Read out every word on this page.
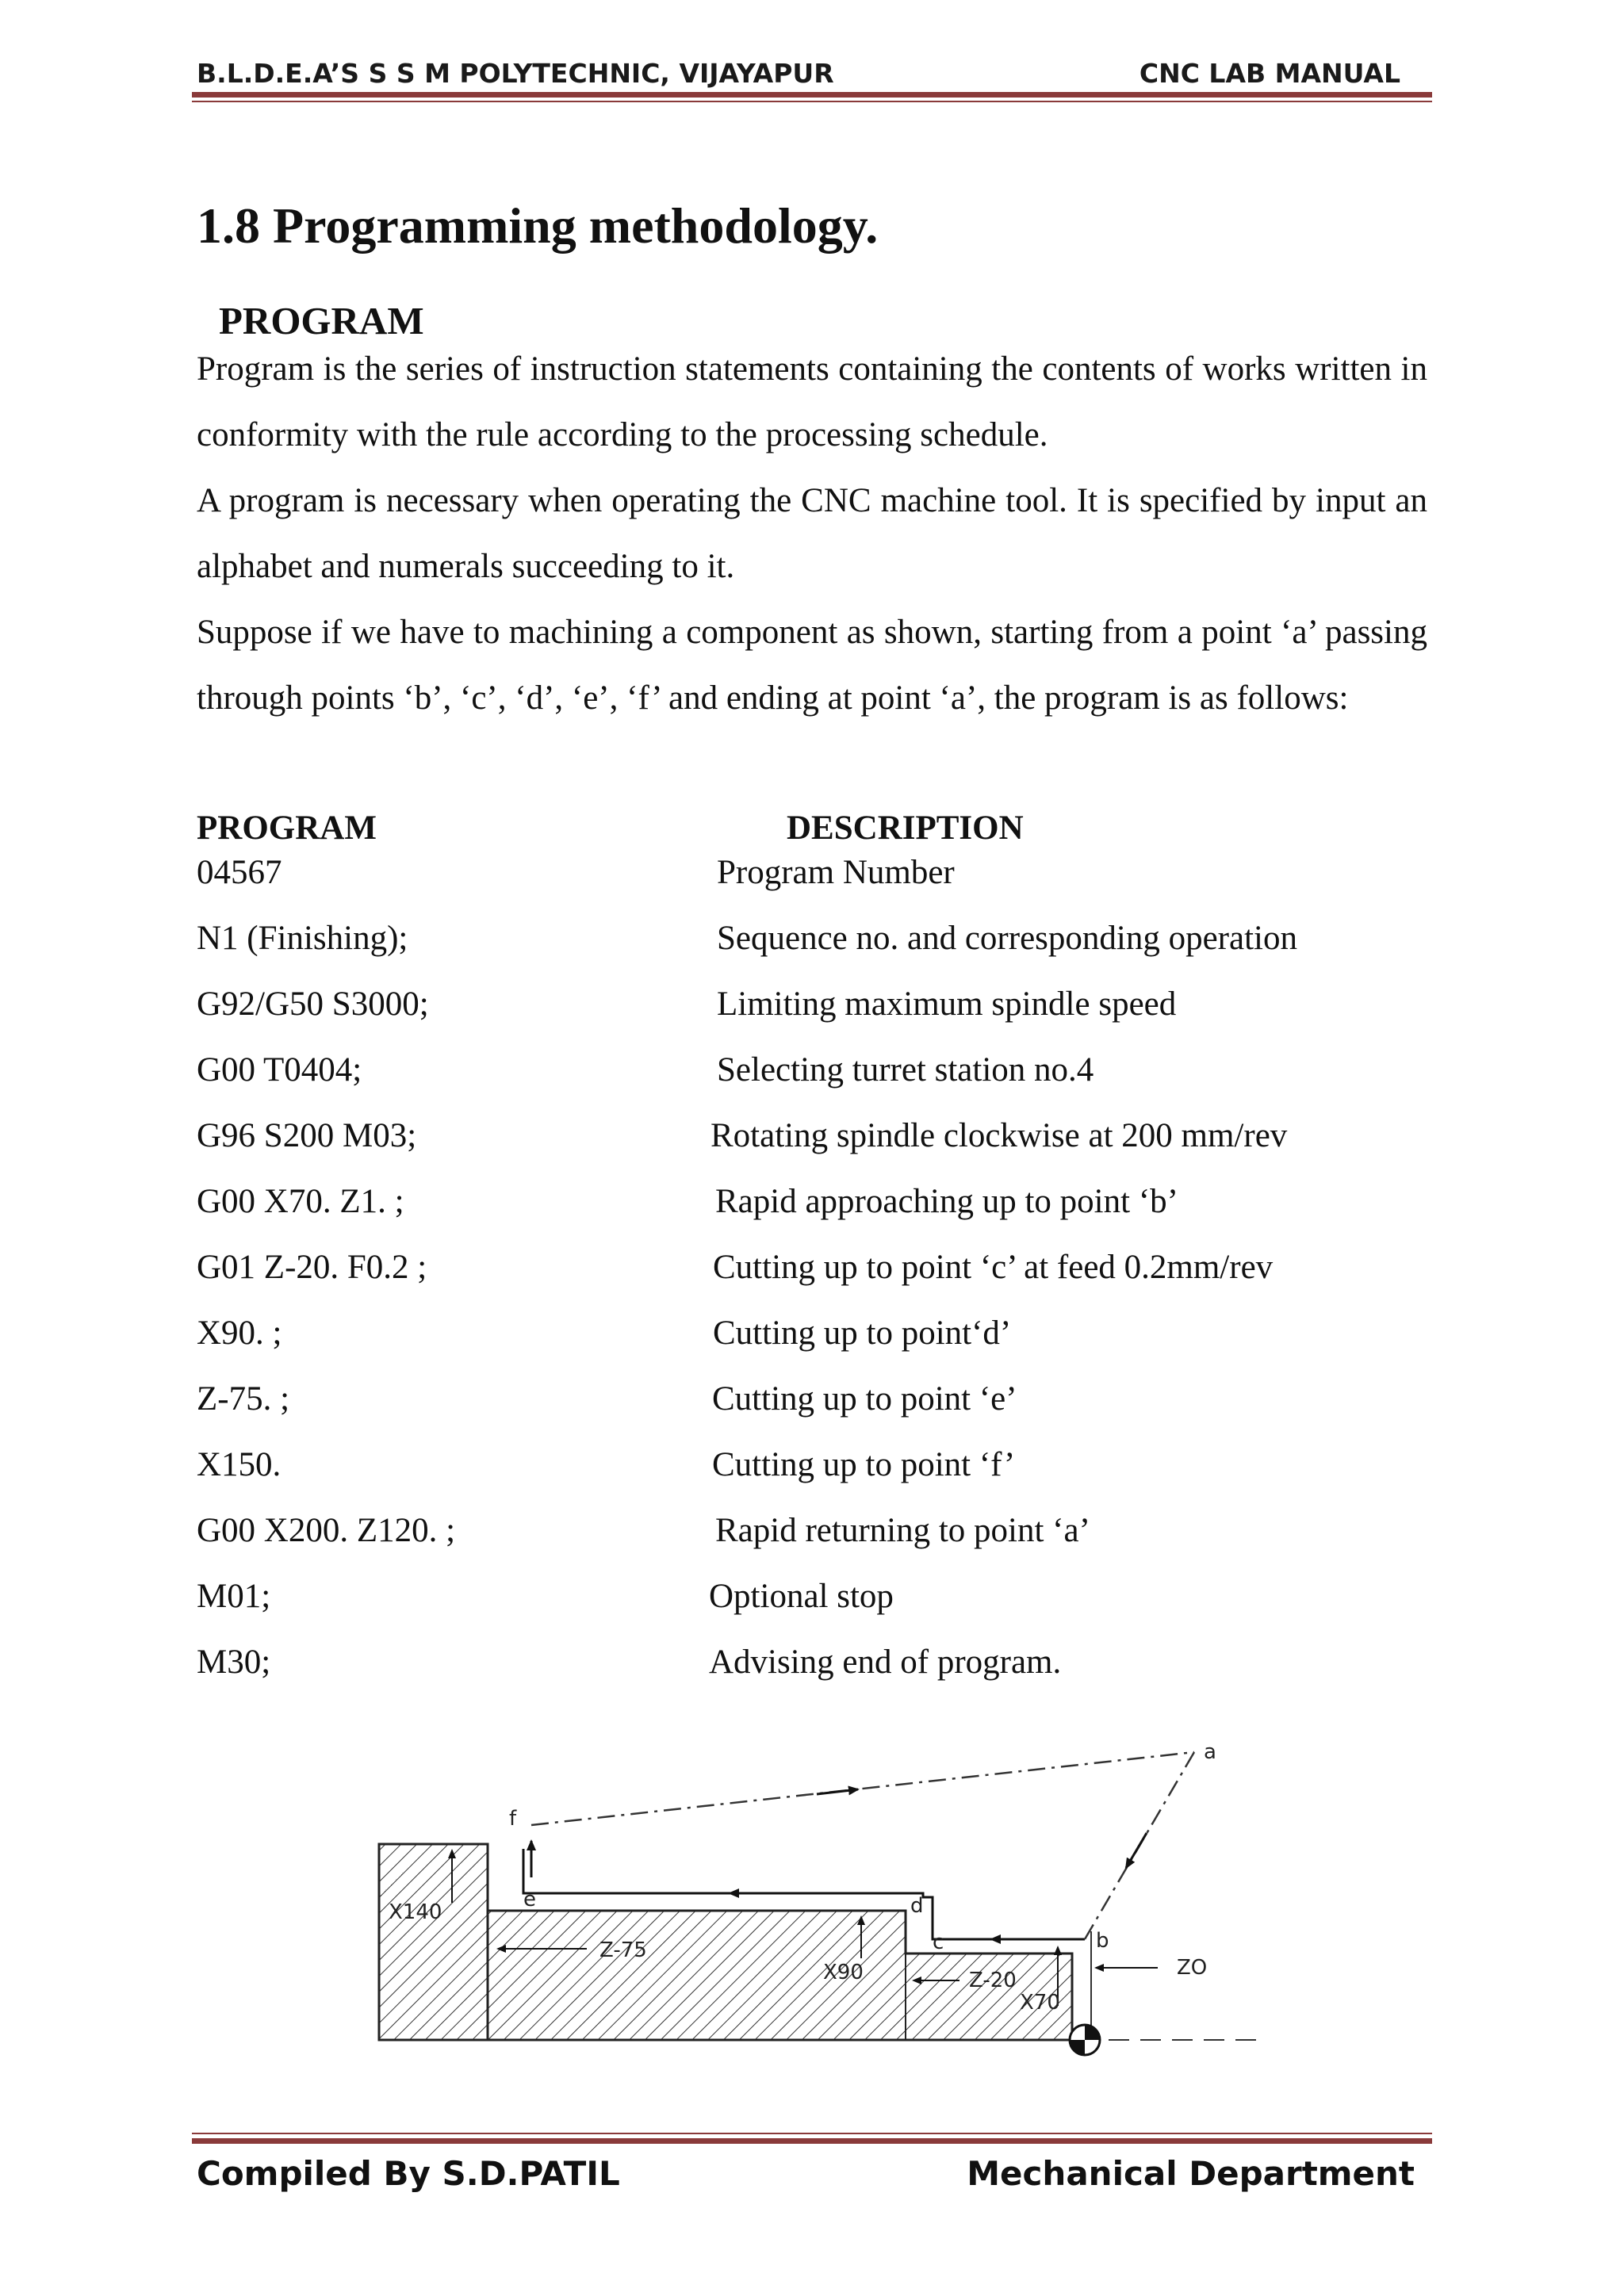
B.L.D.E.A’S S S M POLYTECHNIC, VIJAYAPUR	CNC LAB MANUAL
1.8 Programming methodology.
PROGRAM

Program is the series of instruction statements containing the contents of works written in conformity with the rule according to the processing schedule.

A program is necessary when operating the CNC machine tool. It is specified by input an alphabet and numerals succeeding to it.

Suppose if we have to machining a component as shown, starting from a point ‘a’ passing through points ‘b’, ‘c’, ‘d’, ‘e’, ‘f’ and ending at point ‘a’, the program is as follows:

PROGRAM	DESCRIPTION
04567	Program Number
N1 (Finishing);	Sequence no. and corresponding operation
G92/G50 S3000;	Limiting maximum spindle speed
G00 T0404;	Selecting turret station no.4
G96 S200 M03;	Rotating spindle clockwise at 200 mm/rev
G00 X70. Z1. ;	Rapid approaching up to point ‘b’
G01 Z-20. F0.2 ;	Cutting up to point ‘c’ at feed 0.2mm/rev
X90. ;	Cutting up to point‘d’
Z-75. ;	Cutting up to point ‘e’
X150.	Cutting up to point ‘f’
G00 X200. Z120. ;	Rapid returning to point ‘a’
M01;	Optional stop
M30;	Advising end of program.
a
b
c
d
e
f
X140
Z-75
X90	Z-20
X70
ZO
Compiled By S.D.PATIL	Mechanical Department
